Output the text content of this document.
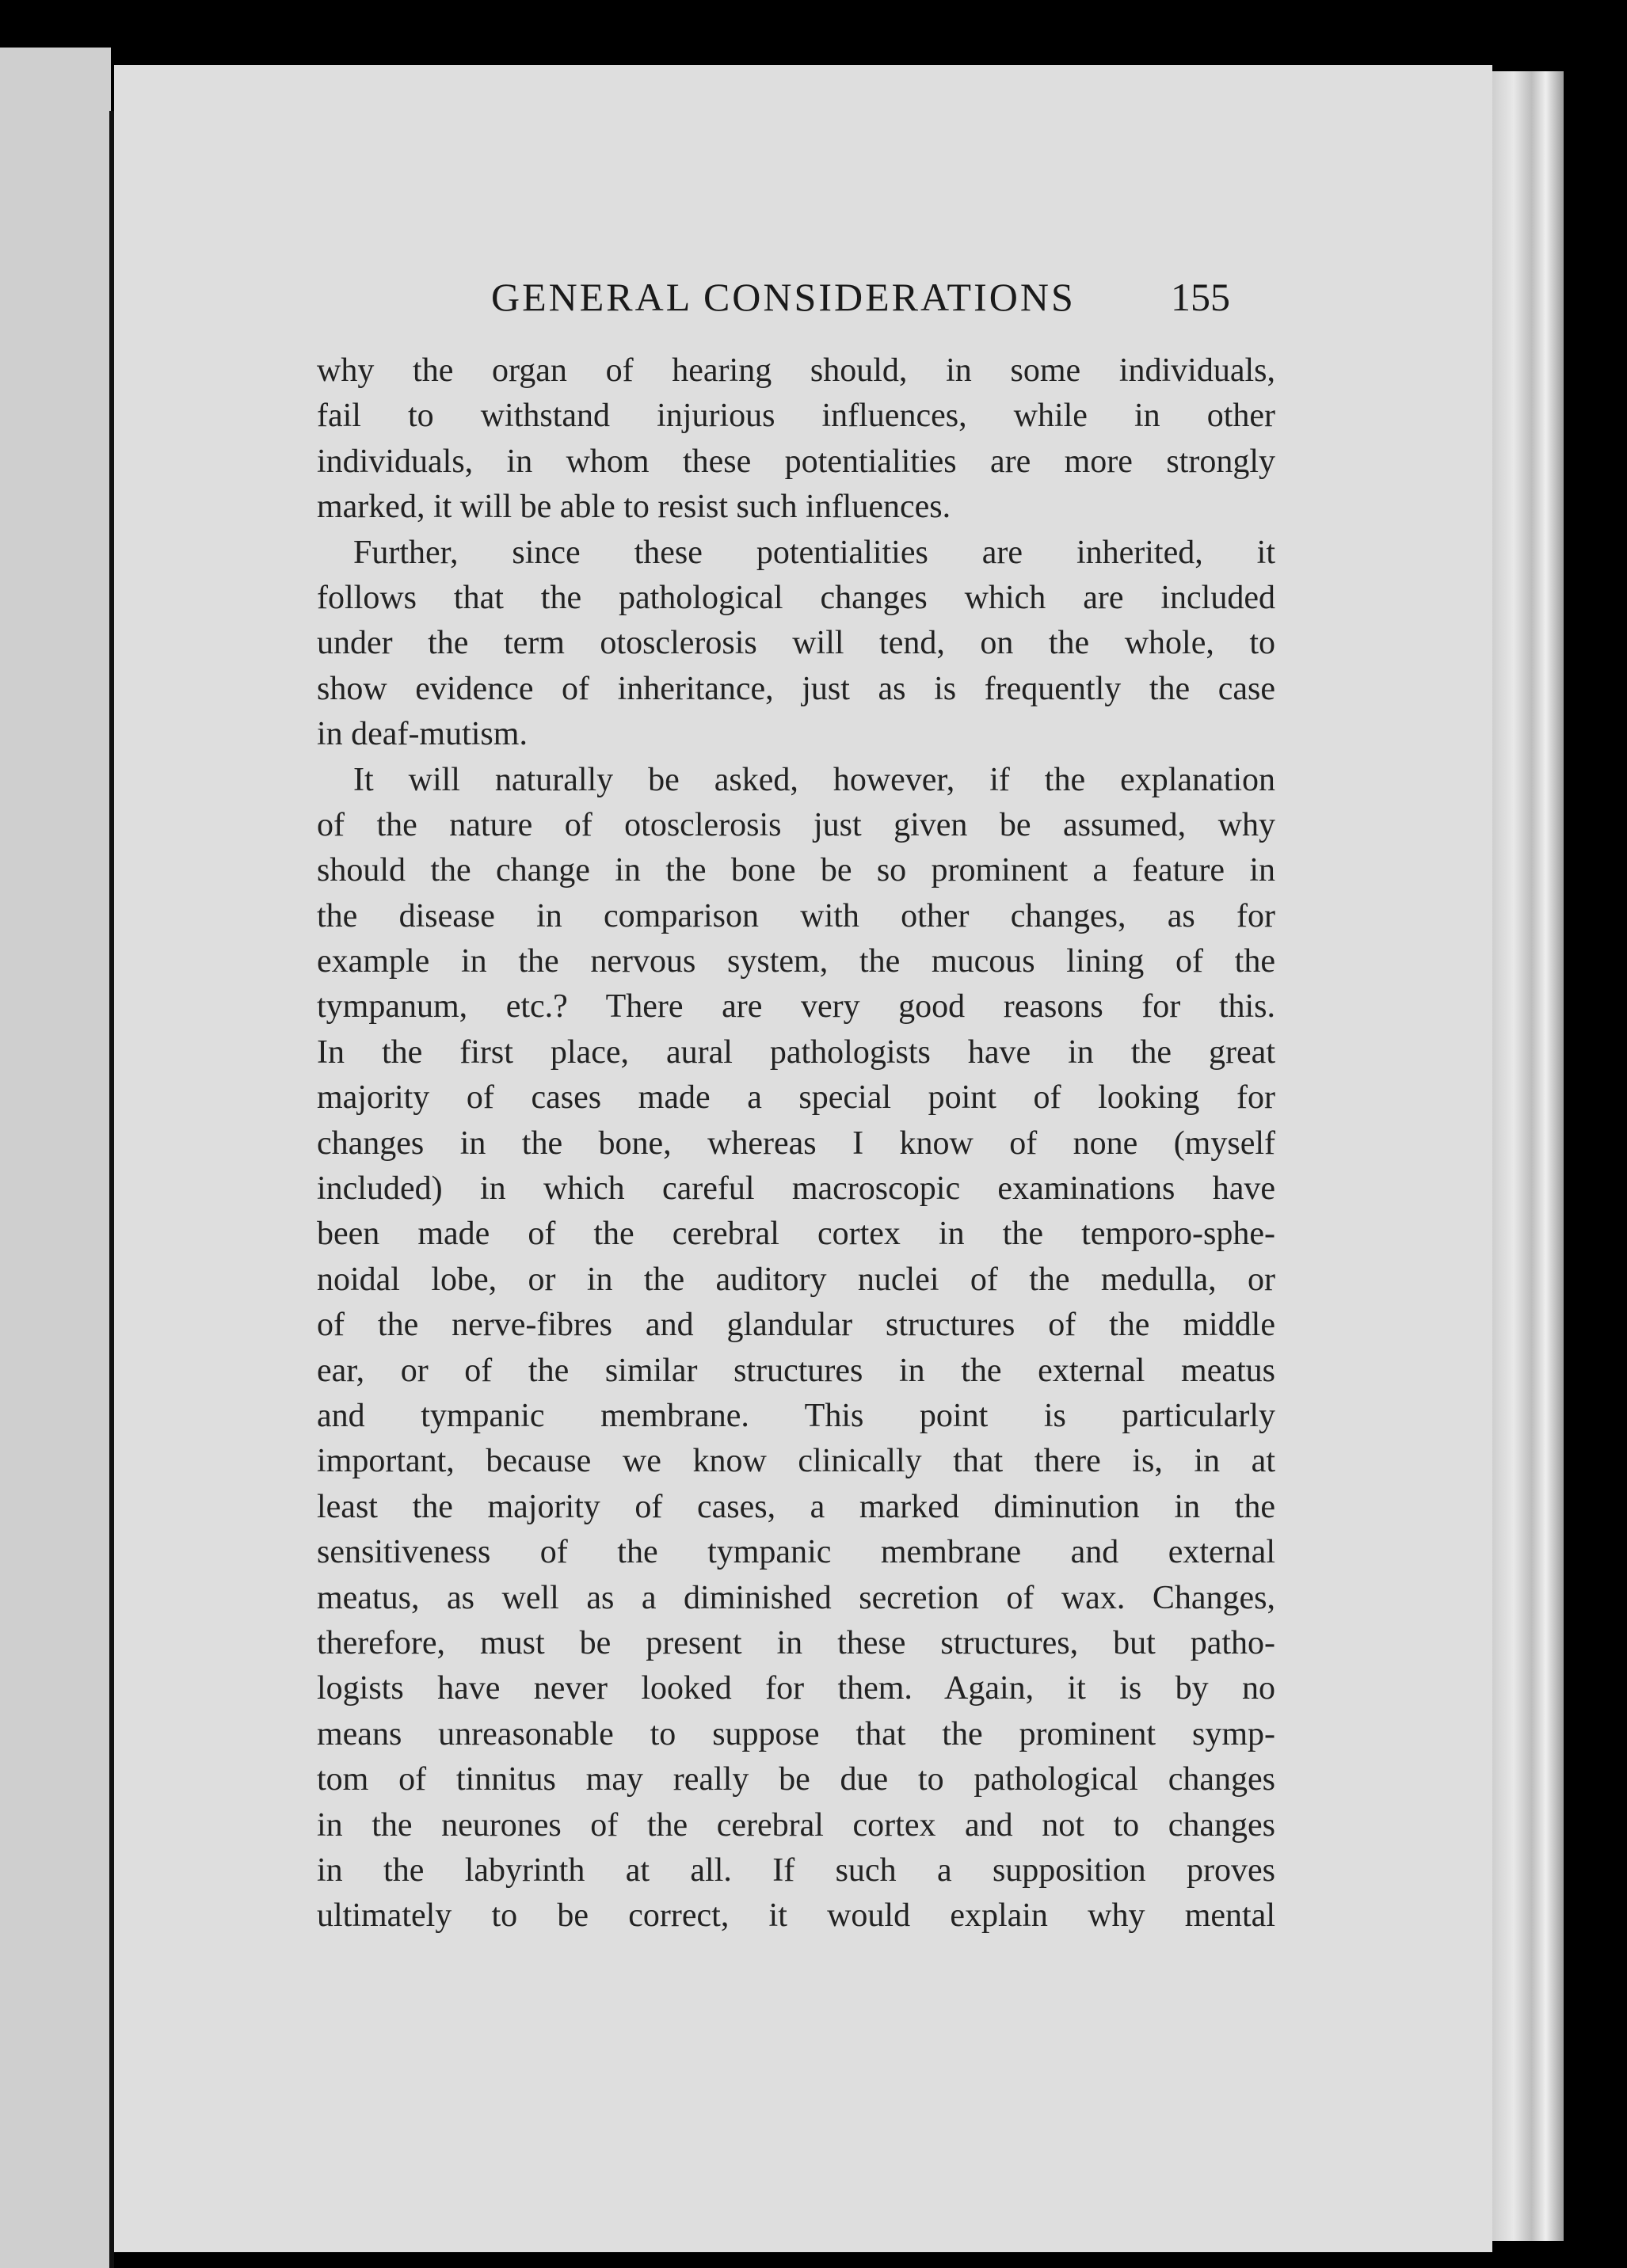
GENERAL CONSIDERATIONS 155
why the organ of hearing should, in some individuals,
fail to withstand injurious influences, while in other
individuals, in whom these potentialities are more strongly
marked, it will be able to resist such influences.
Further, since these potentialities are inherited, it
follows that the pathological changes which are included
under the term otosclerosis will tend, on the whole, to
show evidence of inheritance, just as is frequently the case
in deaf-mutism.
It will naturally be asked, however, if the explanation
of the nature of otosclerosis just given be assumed, why
should the change in the bone be so prominent a feature in
the disease in comparison with other changes, as for
example in the nervous system, the mucous lining of the
tympanum, etc.? There are very good reasons for this.
In the first place, aural pathologists have in the great
majority of cases made a special point of looking for
changes in the bone, whereas I know of none (myself
included) in which careful macroscopic examinations have
been made of the cerebral cortex in the temporo-sphe-
noidal lobe, or in the auditory nuclei of the medulla, or
of the nerve-fibres and glandular structures of the middle
ear, or of the similar structures in the external meatus
and tympanic membrane. This point is particularly
important, because we know clinically that there is, in at
least the majority of cases, a marked diminution in the
sensitiveness of the tympanic membrane and external
meatus, as well as a diminished secretion of wax. Changes,
therefore, must be present in these structures, but patho-
logists have never looked for them. Again, it is by no
means unreasonable to suppose that the prominent symp-
tom of tinnitus may really be due to pathological changes
in the neurones of the cerebral cortex and not to changes
in the labyrinth at all. If such a supposition proves
ultimately to be correct, it would explain why mental
